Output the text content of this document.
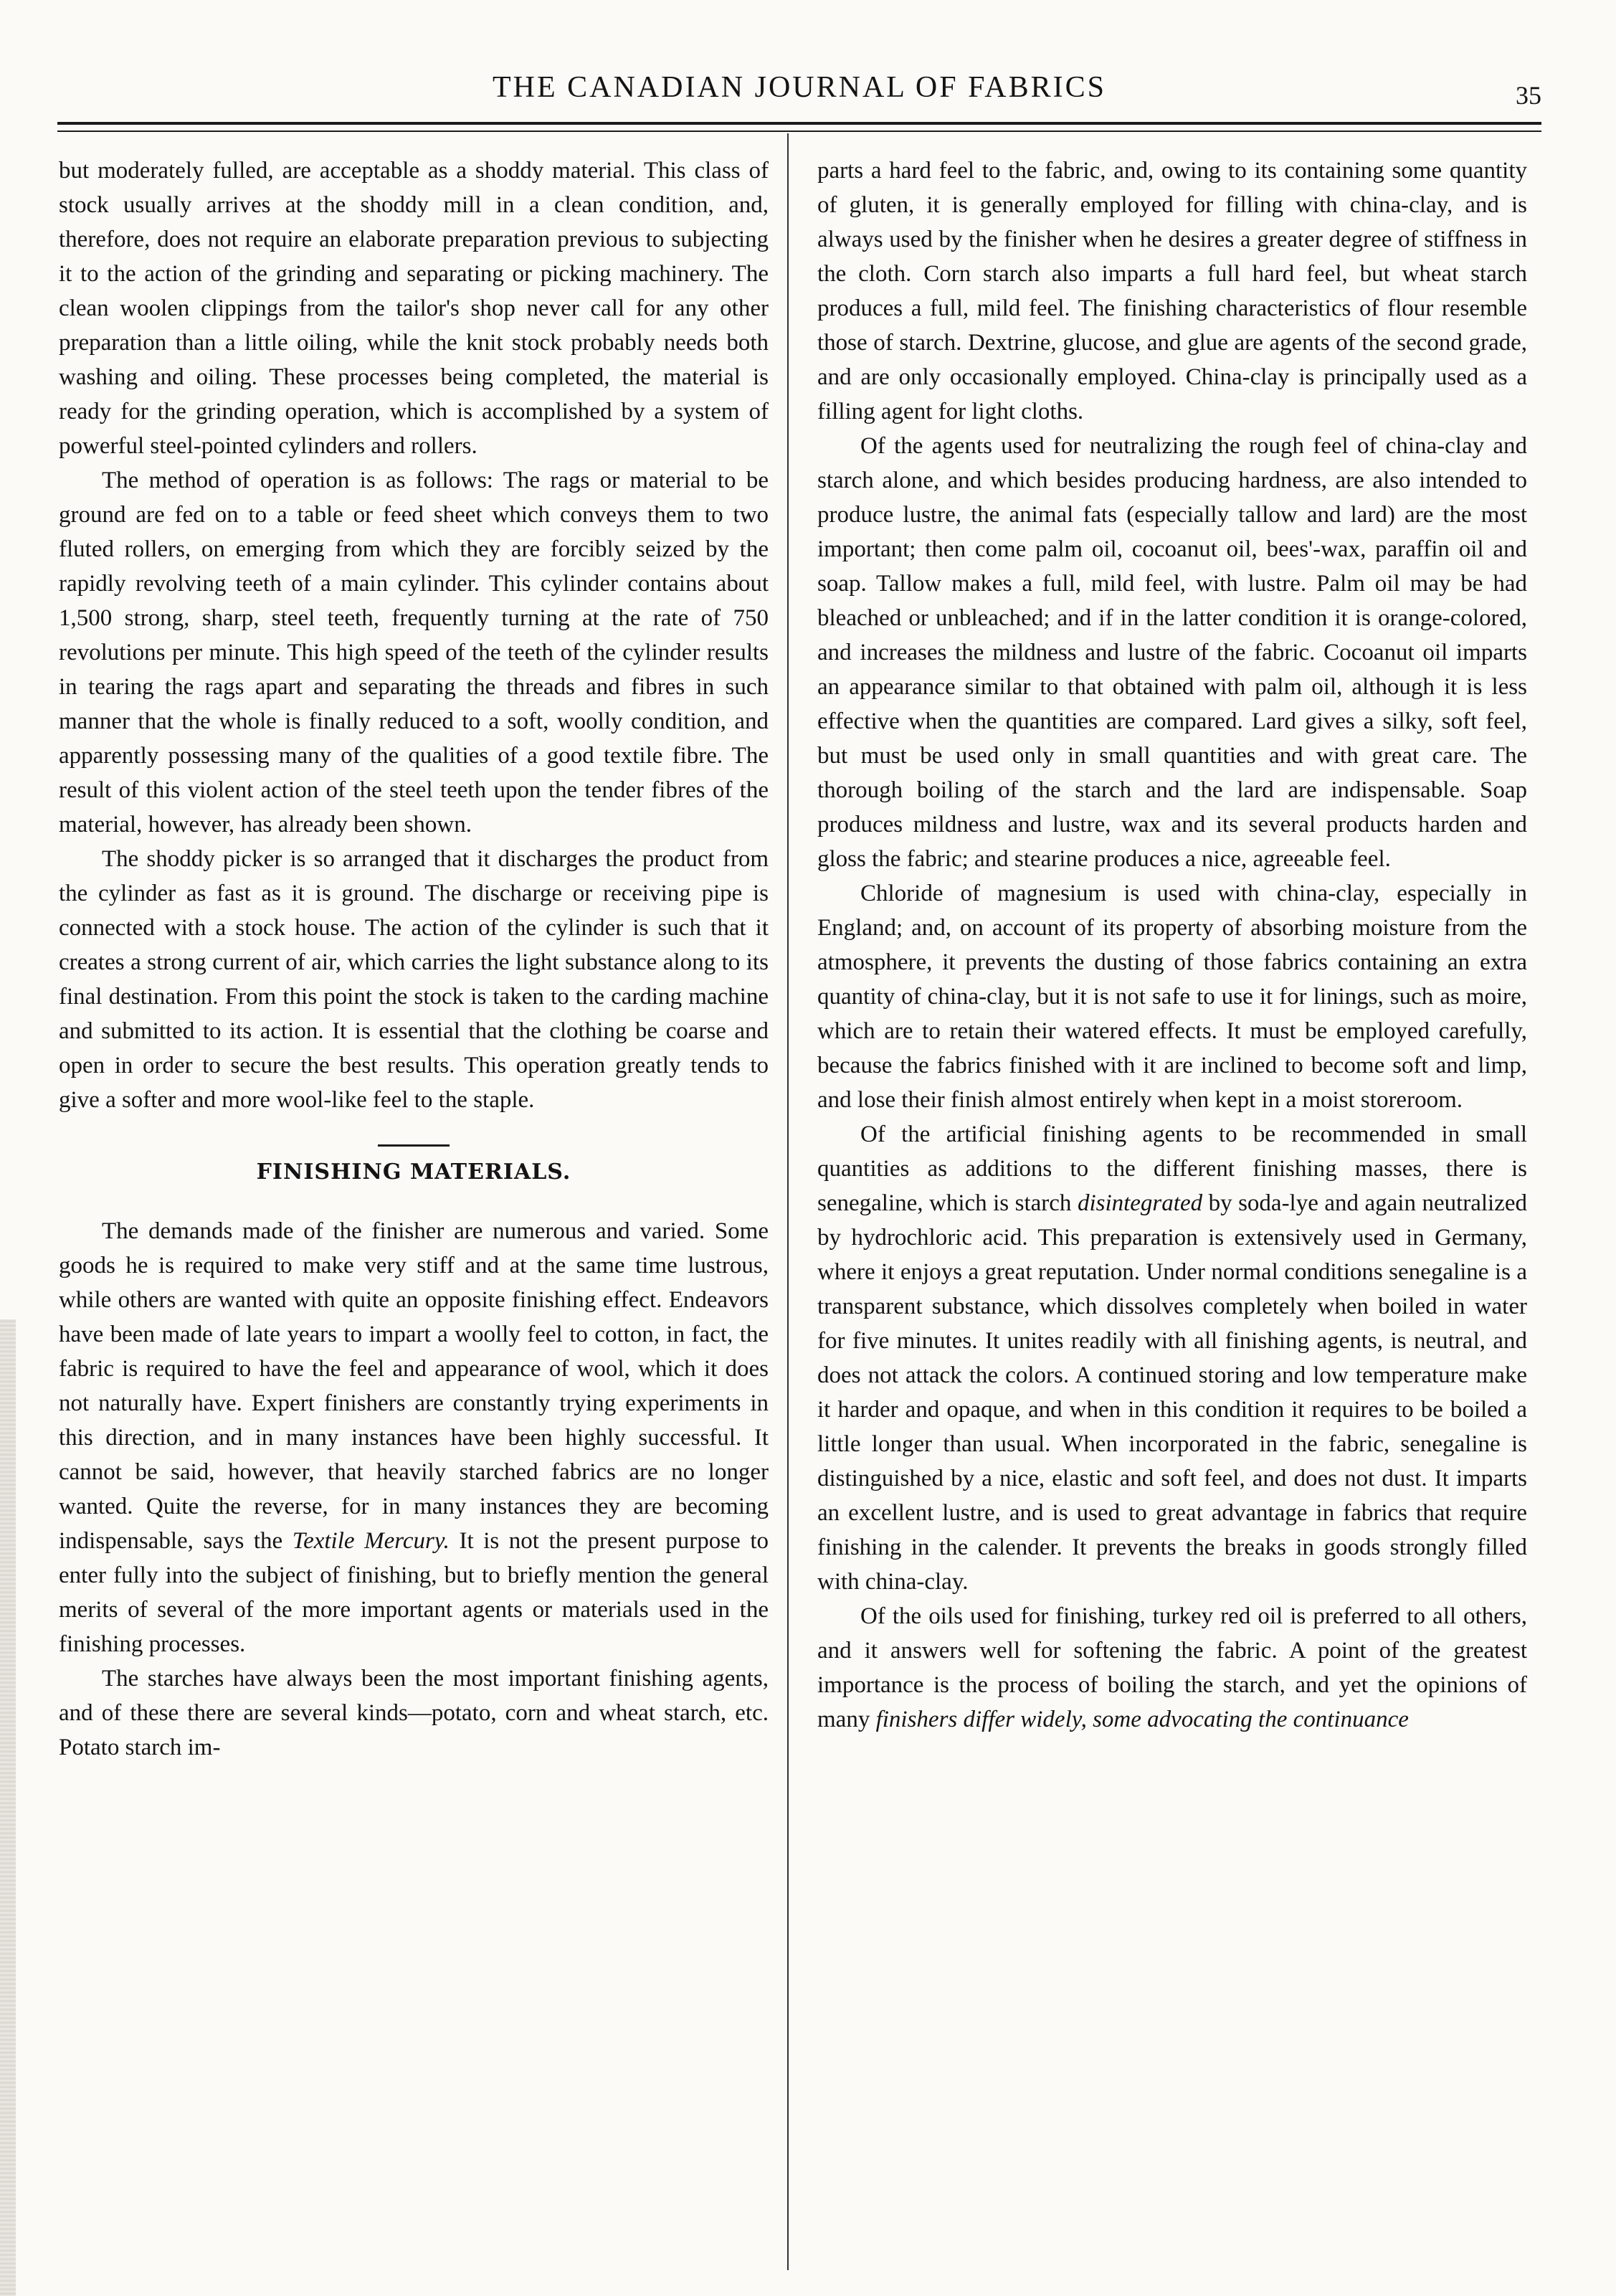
THE CANADIAN JOURNAL OF FABRICS	35

but moderately fulled, are acceptable as a shoddy material. This class of stock usually arrives at the shoddy mill in a clean condition, and, therefore, does not require an elaborate preparation previous to subjecting it to the action of the grinding and separating or picking machinery. The clean woolen clippings from the tailor's shop never call for any other preparation than a little oiling, while the knit stock probably needs both washing and oiling. These processes being completed, the material is ready for the grinding operation, which is accomplished by a system of powerful steel-pointed cylinders and rollers.

The method of operation is as follows: The rags or material to be ground are fed on to a table or feed sheet which conveys them to two fluted rollers, on emerging from which they are forcibly seized by the rapidly revolving teeth of a main cylinder. This cylinder contains about 1,500 strong, sharp, steel teeth, frequently turning at the rate of 750 revolutions per minute. This high speed of the teeth of the cylinder results in tearing the rags apart and separating the threads and fibres in such manner that the whole is finally reduced to a soft, woolly condition, and apparently possessing many of the qualities of a good textile fibre. The result of this violent action of the steel teeth upon the tender fibres of the material, however, has already been shown.

The shoddy picker is so arranged that it discharges the product from the cylinder as fast as it is ground. The discharge or receiving pipe is connected with a stock house. The action of the cylinder is such that it creates a strong current of air, which carries the light substance along to its final destination. From this point the stock is taken to the carding machine and submitted to its action. It is essential that the clothing be coarse and open in order to secure the best results. This operation greatly tends to give a softer and more wool-like feel to the staple.

FINISHING MATERIALS.

The demands made of the finisher are numerous and varied. Some goods he is required to make very stiff and at the same time lustrous, while others are wanted with quite an opposite finishing effect. Endeavors have been made of late years to impart a woolly feel to cotton, in fact, the fabric is required to have the feel and appearance of wool, which it does not naturally have. Expert finishers are constantly trying experiments in this direction, and in many instances have been highly successful. It cannot be said, however, that heavily starched fabrics are no longer wanted. Quite the reverse, for in many instances they are becoming indispensable, says the Textile Mercury. It is not the present purpose to enter fully into the subject of finishing, but to briefly mention the general merits of several of the more important agents or materials used in the finishing processes.

The starches have always been the most important finishing agents, and of these there are several kinds—potato, corn and wheat starch, etc. Potato starch im-

parts a hard feel to the fabric, and, owing to its containing some quantity of gluten, it is generally employed for filling with china-clay, and is always used by the finisher when he desires a greater degree of stiffness in the cloth. Corn starch also imparts a full hard feel, but wheat starch produces a full, mild feel. The finishing characteristics of flour resemble those of starch. Dextrine, glucose, and glue are agents of the second grade, and are only occasionally employed. China-clay is principally used as a filling agent for light cloths.

Of the agents used for neutralizing the rough feel of china-clay and starch alone, and which besides producing hardness, are also intended to produce lustre, the animal fats (especially tallow and lard) are the most important; then come palm oil, cocoanut oil, bees'-wax, paraffin oil and soap. Tallow makes a full, mild feel, with lustre. Palm oil may be had bleached or unbleached; and if in the latter condition it is orange-colored, and increases the mildness and lustre of the fabric. Cocoanut oil imparts an appearance similar to that obtained with palm oil, although it is less effective when the quantities are compared. Lard gives a silky, soft feel, but must be used only in small quantities and with great care. The thorough boiling of the starch and the lard are indispensable. Soap produces mildness and lustre, wax and its several products harden and gloss the fabric; and stearine produces a nice, agreeable feel.

Chloride of magnesium is used with china-clay, especially in England; and, on account of its property of absorbing moisture from the atmosphere, it prevents the dusting of those fabrics containing an extra quantity of china-clay, but it is not safe to use it for linings, such as moire, which are to retain their watered effects. It must be employed carefully, because the fabrics finished with it are inclined to become soft and limp, and lose their finish almost entirely when kept in a moist storeroom.

Of the artificial finishing agents to be recommended in small quantities as additions to the different finishing masses, there is senegaline, which is starch disintegrated by soda-lye and again neutralized by hydrochloric acid. This preparation is extensively used in Germany, where it enjoys a great reputation. Under normal conditions senegaline is a transparent substance, which dissolves completely when boiled in water for five minutes. It unites readily with all finishing agents, is neutral, and does not attack the colors. A continued storing and low temperature make it harder and opaque, and when in this condition it requires to be boiled a little longer than usual. When incorporated in the fabric, senegaline is distinguished by a nice, elastic and soft feel, and does not dust. It imparts an excellent lustre, and is used to great advantage in fabrics that require finishing in the calender. It prevents the breaks in goods strongly filled with china-clay.

Of the oils used for finishing, turkey red oil is preferred to all others, and it answers well for softening the fabric. A point of the greatest importance is the process of boiling the starch, and yet the opinions of many finishers differ widely, some advocating the continuance
